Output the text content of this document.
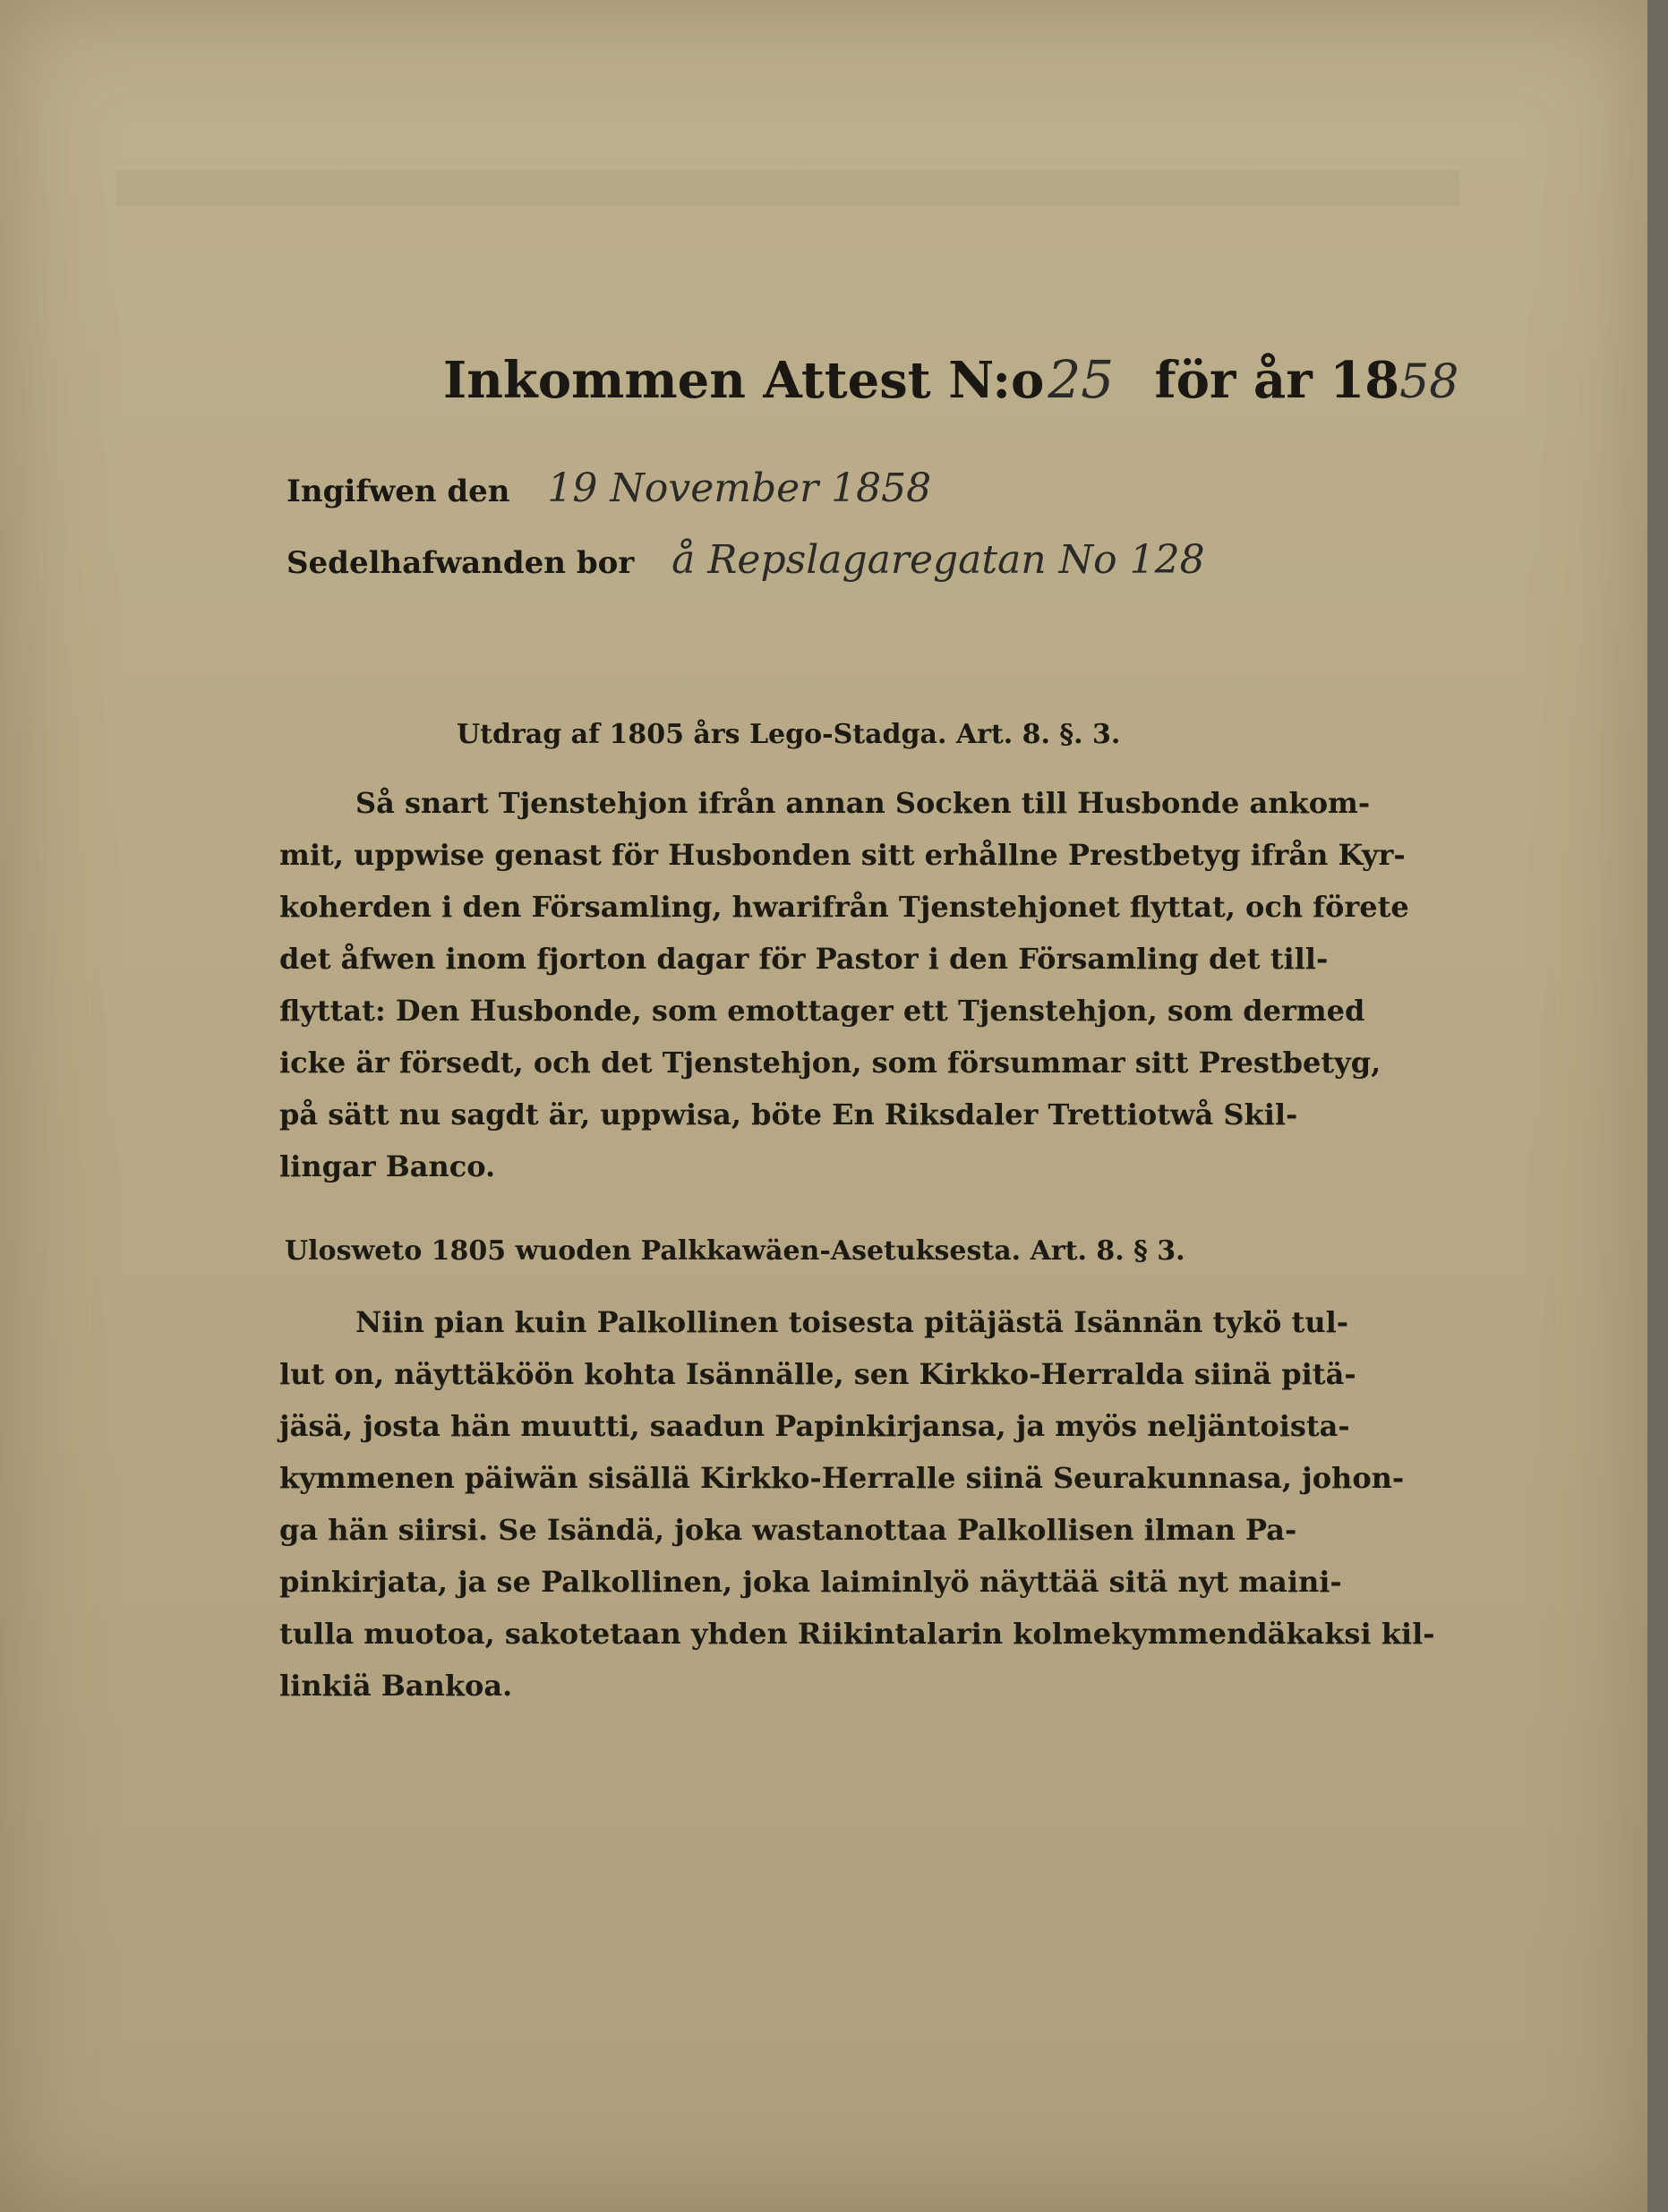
Inkommen Attest N:o25 för år 1858
Ingifwen den 19 November 1858
Sedelhafwanden bor å Repslagaregatan No 128
Utdrag af 1805 års Lego-Stadga. Art. 8. §. 3.
Så snart Tjenstehjon ifrån annan Socken till Husbonde ankom-
mit, uppwise genast för Husbonden sitt erhållne Prestbetyg ifrån Kyr-
koherden i den Församling, hwarifrån Tjenstehjonet flyttat, och förete
det åfwen inom fjorton dagar för Pastor i den Församling det till-
flyttat: Den Husbonde, som emottager ett Tjenstehjon, som dermed
icke är försedt, och det Tjenstehjon, som försummar sitt Prestbetyg,
på sätt nu sagdt är, uppwisa, böte En Riksdaler Trettiotwå Skil-
lingar Banco.
Ulosweto 1805 wuoden Palkkawäen-Asetuksesta. Art. 8. § 3.
Niin pian kuin Palkollinen toisesta pitäjästä Isännän tykö tul-
lut on, näyttäköön kohta Isännälle, sen Kirkko-Herralda siinä pitä-
jäsä, josta hän muutti, saadun Papinkirjansa, ja myös neljäntoista-
kymmenen päiwän sisällä Kirkko-Herralle siinä Seurakunnasa, johon-
ga hän siirsi. Se Isändä, joka wastanottaa Palkollisen ilman Pa-
pinkirjata, ja se Palkollinen, joka laiminlyö näyttää sitä nyt maini-
tulla muotoa, sakotetaan yhden Riikintalarin kolmekymmendäkaksi kil-
linkiä Bankoa.
